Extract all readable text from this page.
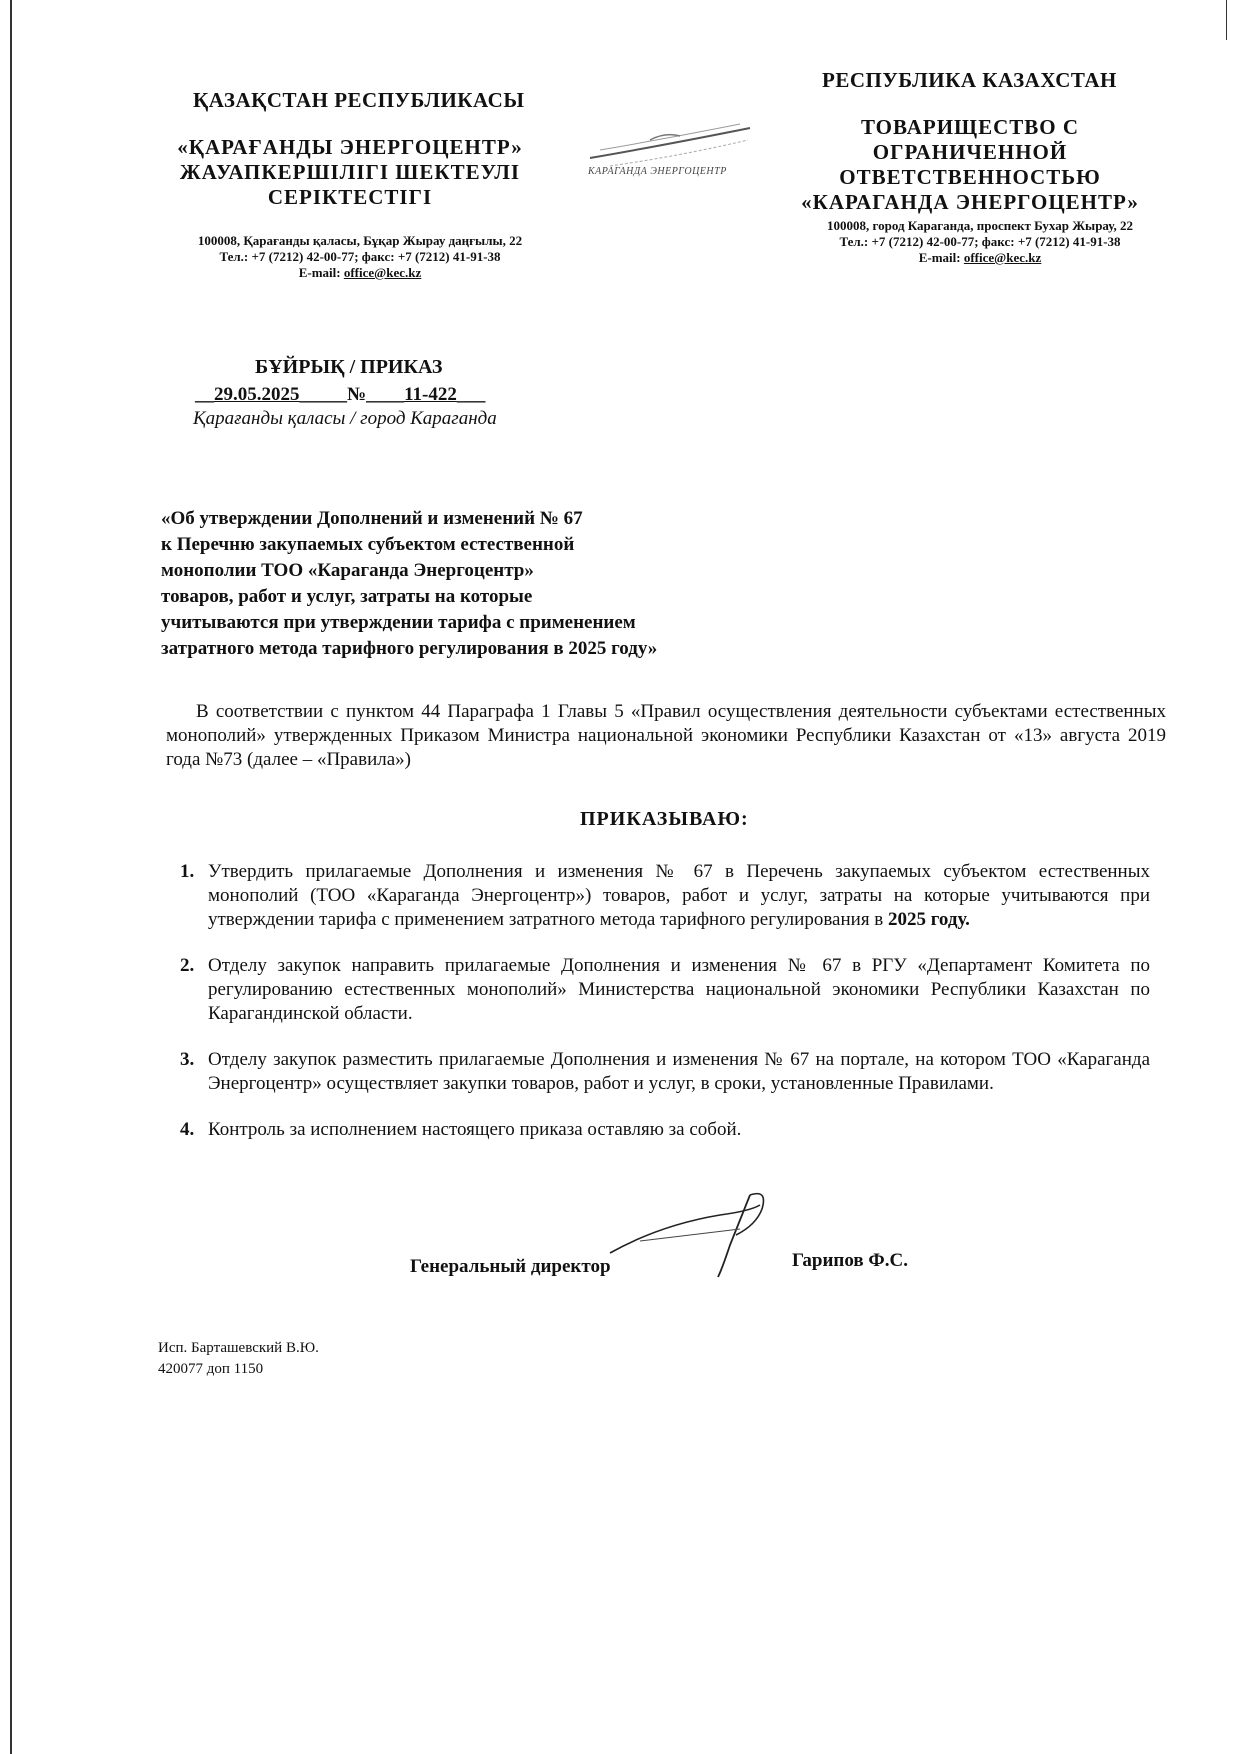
ҚАЗАҚСТАН РЕСПУБЛИКАСЫ
РЕСПУБЛИКА КАЗАХСТАН
«ҚАРАҒАНДЫ ЭНЕРГОЦЕНТР»
ЖАУАПКЕРШІЛІГІ ШЕКТЕУЛІ
СЕРІКТЕСТІГІ
ТОВАРИЩЕСТВО С ОГРАНИЧЕННОЙ
ОТВЕТСТВЕННОСТЬЮ
«КАРАГАНДА ЭНЕРГОЦЕНТР»
КАРАГАНДА ЭНЕРГОЦЕНТР
100008, Қарағанды қаласы, Бұқар Жырау даңғылы, 22
Тел.: +7 (7212) 42-00-77; факс: +7 (7212) 41-91-38
E-mail: office@kec.kz
100008, город Караганда, проспект Бухар Жырау, 22
Тел.: +7 (7212) 42-00-77; факс: +7 (7212) 41-91-38
E-mail: office@kec.kz
БҰЙРЫҚ / ПРИКАЗ
__29.05.2025_____№____11-422___
Қарағанды қаласы / город Караганда
«Об утверждении Дополнений и изменений № 67
к Перечню закупаемых субъектом естественной
монополии ТОО «Караганда Энергоцентр»
товаров, работ и услуг, затраты на которые
учитываются при утверждении тарифа с применением
затратного метода тарифного регулирования в 2025 году»
В соответствии с пунктом 44 Параграфа 1 Главы 5 «Правил осуществления деятельности субъектами естественных монополий» утвержденных Приказом Министра национальной экономики Республики Казахстан от «13» августа 2019 года №73 (далее – «Правила»)
ПРИКАЗЫВАЮ:
1. Утвердить прилагаемые Дополнения и изменения № 67 в Перечень закупаемых субъектом естественных монополий (ТОО «Караганда Энергоцентр») товаров, работ и услуг, затраты на которые учитываются при утверждении тарифа с применением затратного метода тарифного регулирования в 2025 году.
2. Отделу закупок направить прилагаемые Дополнения и изменения № 67 в РГУ «Департамент Комитета по регулированию естественных монополий» Министерства национальной экономики Республики Казахстан по Карагандинской области.
3. Отделу закупок разместить прилагаемые Дополнения и изменения № 67 на портале, на котором ТОО «Караганда Энергоцентр» осуществляет закупки товаров, работ и услуг, в сроки, установленные Правилами.
4. Контроль за исполнением настоящего приказа оставляю за собой.
Генеральный директор	Гарипов Ф.С.
Исп. Барташевский В.Ю.
420077 доп 1150
